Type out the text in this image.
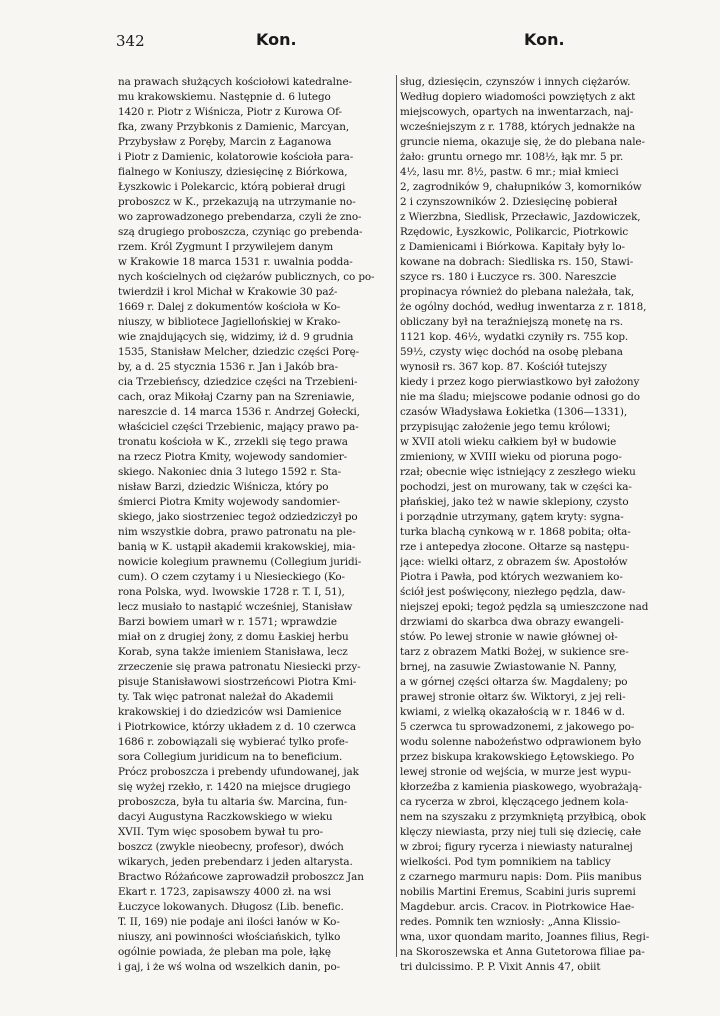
342	Kon.	Kon.
na prawach służących kościołowi katedralne-
mu krakowskiemu. Następnie d. 6 lutego
1420 r. Piotr z Wiśnicza, Piotr z Kurowa Of-
fka, zwany Przybkonis z Damienic, Marcyan,
Przybysław z Poręby, Marcin z Łaganowa
i Piotr z Damienic, kolatorowie kościoła para-
fialnego w Koniuszy, dziesięcinę z Biórkowa,
Łyszkowic i Polekarcic, którą pobierał drugi
proboszcz w K., przekazują na utrzymanie no-
wo zaprowadzonego prebendarza, czyli że zno-
szą drugiego proboszcza, czyniąc go prebenda-
rzem. Król Zygmunt I przywilejem danym
w Krakowie 18 marca 1531 r. uwalnia podda-
nych kościelnych od ciężarów publicznych, co po-
twierdził i krol Michał w Krakowie 30 paź-
1669 r. Dalej z dokumentów kościoła w Ko-
niuszy, w bibliotece Jagiellońskiej w Krako-
wie znajdujących się, widzimy, iż d. 9 grudnia
1535, Stanisław Melcher, dziedzic części Porę-
by, a d. 25 stycznia 1536 r. Jan i Jakób bra-
cia Trzebieńscy, dziedzice części na Trzebieni-
cach, oraz Mikołaj Czarny pan na Szreniawie,
nareszcie d. 14 marca 1536 r. Andrzej Gołecki,
właściciel części Trzebienic, mający prawo pa-
tronatu kościoła w K., zrzekli się tego prawa
na rzecz Piotra Kmity, wojewody sandomier-
skiego. Nakoniec dnia 3 lutego 1592 r. Sta-
nisław Barzi, dziedzic Wiśnicza, który po
śmierci Piotra Kmity wojewody sandomier-
skiego, jako siostrzeniec tegoż odziedziczył po
nim wszystkie dobra, prawo patronatu na ple-
banią w K. ustąpił akademii krakowskiej, mia-
nowicie kolegium prawnemu (Collegium juridi-
cum). O czem czytamy i u Niesieckiego (Ko-
rona Polska, wyd. lwowskie 1728 r. T. I, 51),
lecz musiało to nastąpić wcześniej, Stanisław
Barzi bowiem umarł w r. 1571; wprawdzie
miał on z drugiej żony, z domu Łaskiej herbu
Korab, syna także imieniem Stanisława, lecz
zrzeczenie się prawa patronatu Niesiecki przy-
pisuje Stanisławowi siostrzeńcowi Piotra Kmi-
ty. Tak więc patronat należał do Akademii
krakowskiej i do dziedziców wsi Damienice
i Piotrkowice, którzy układem z d. 10 czerwca
1686 r. zobowiązali się wybierać tylko profe-
sora Collegium juridicum na to beneficium.
Prócz proboszcza i prebendy ufundowanej, jak
się wyżej rzekło, r. 1420 na miejsce drugiego
proboszcza, była tu altaria św. Marcina, fun-
dacyi Augustyna Raczkowskiego w wieku
XVII. Tym więc sposobem bywał tu pro-
boszcz (zwykle nieobecny, profesor), dwóch
wikarych, jeden prebendarz i jeden altarysta.
Bractwo Różańcowe zaprowadził proboszcz Jan
Ekart r. 1723, zapisawszy 4000 zł. na wsi
Łuczyce lokowanych. Długosz (Lib. benefic.
T. II, 169) nie podaje ani ilości łanów w Ko-
niuszy, ani powinności włościańskich, tylko
ogólnie powiada, że pleban ma pole, łąkę
i gaj, i że wś wolna od wszelkich danin, po-
sług, dziesięcin, czynszów i innych ciężarów.
Według dopiero wiadomości powziętych z akt
miejscowych, opartych na inwentarzach, naj-
wcześniejszym z r. 1788, których jednakże na
gruncie niema, okazuje się, że do plebana nale-
żało: gruntu ornego mr. 108½, łąk mr. 5 pr.
4½, lasu mr. 8½, pastw. 6 mr.; miał kmieci
2, zagrodników 9, chałupników 3, komorników
2 i czynszowników 2. Dziesięcinę pobierał
z Wierzbna, Siedlisk, Przecławic, Jazdowiczek,
Rzędowic, Łyszkowic, Polikarcic, Piotrkowic
z Damienicami i Biórkowa. Kapitały były lo-
kowane na dobrach: Siedliska rs. 150, Stawi-
szyce rs. 180 i Łuczyce rs. 300. Nareszcie
propinacya również do plebana należała, tak,
że ogólny dochód, według inwentarza z r. 1818,
obliczany był na teraźniejszą monetę na rs.
1121 kop. 46½, wydatki czyniły rs. 755 kop.
59½, czysty więc dochód na osobę plebana
wynosił rs. 367 kop. 87. Kościół tutejszy
kiedy i przez kogo pierwiastkowo był założony
nie ma śladu; miejscowe podanie odnosi go do
czasów Władysława Łokietka (1306—1331),
przypisując założenie jego temu królowi;
w XVII atoli wieku całkiem był w budowie
zmieniony, w XVIII wieku od pioruna pogo-
rzał; obecnie więc istniejący z zeszłego wieku
pochodzi, jest on murowany, tak w części ka-
płańskiej, jako też w nawie sklepiony, czysto
i porządnie utrzymany, gątem kryty: sygna-
turka blachą cynkową w r. 1868 pobita; ołta-
rze i antepedya złocone. Ołtarze są następu-
jące: wielki ołtarz, z obrazem św. Apostołów
Piotra i Pawła, pod których wezwaniem ko-
ściół jest poświęcony, niezłego pędzla, daw-
niejszej epoki; tegoż pędzla są umieszczone nad
drzwiami do skarbca dwa obrazy ewangeli-
stów. Po lewej stronie w nawie głównej oł-
tarz z obrazem Matki Bożej, w sukience sre-
brnej, na zasuwie Zwiastowanie N. Panny,
a w górnej części ołtarza św. Magdaleny; po
prawej stronie ołtarz św. Wiktoryi, z jej reli-
kwiami, z wielką okazałością w r. 1846 w d.
5 czerwca tu sprowadzonemi, z jakowego po-
wodu solenne nabożeństwo odprawionem było
przez biskupa krakowskiego Łętowskiego. Po
lewej stronie od wejścia, w murze jest wypu-
kłorzeźba z kamienia piaskowego, wyobrażają-
ca rycerza w zbroi, klęczącego jednem kola-
nem na szyszaku z przymkniętą przyłbicą, obok
klęczy niewiasta, przy niej tuli się dziecię, całe
w zbroi; figury rycerza i niewiasty naturalnej
wielkości. Pod tym pomnikiem na tablicy
z czarnego marmuru napis: Dom. Piis manibus
nobilis Martini Eremus, Scabini juris supremi
Magdebur. arcis. Cracov. in Piotrkowice Hae-
redes. Pomnik ten wzniosły: „Anna Klissio-
wna, uxor quondam marito, Joannes filius, Regi-
na Skoroszewska et Anna Gutetorowa filiae pa-
tri dulcissimo. P. P. Vixit Annis 47, obiit
